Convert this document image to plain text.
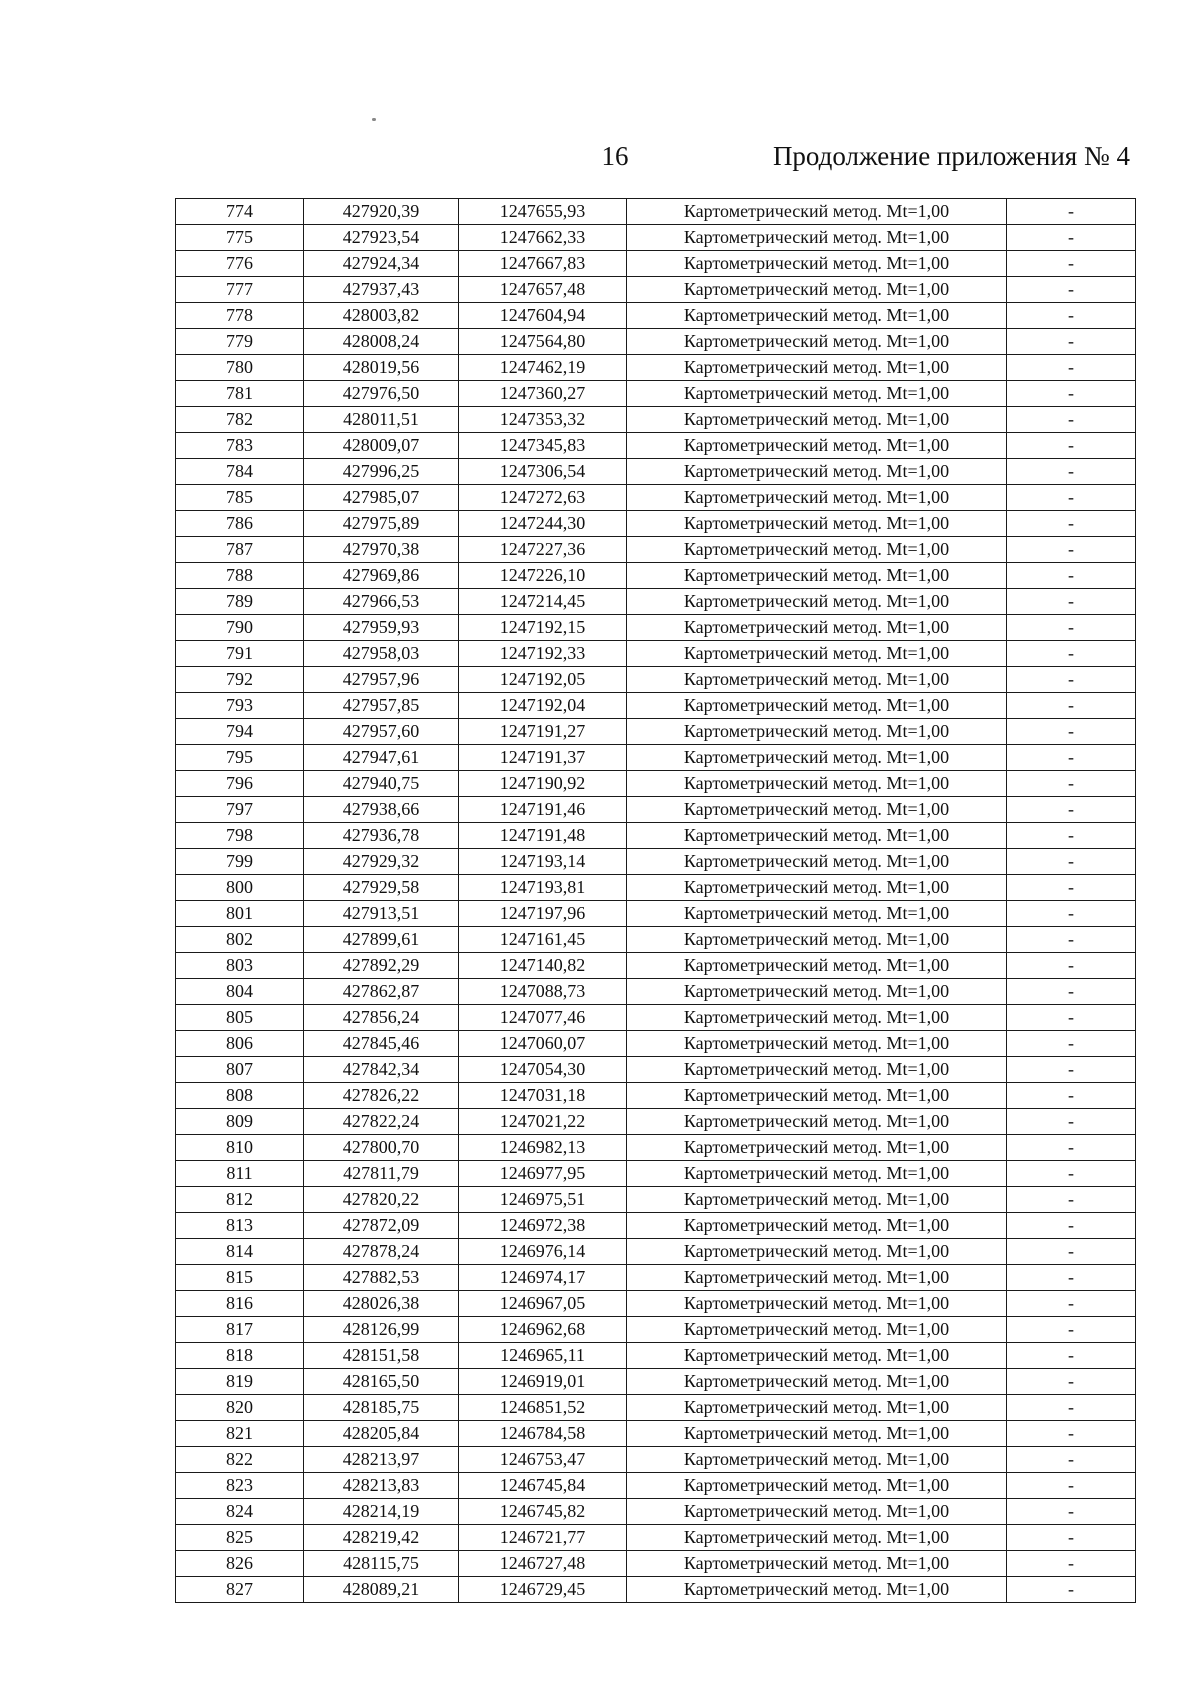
16	Продолжение приложения № 4
774	427920,39	1247655,93	Картометрический метод. Mt=1,00	-
775	427923,54	1247662,33	Картометрический метод. Mt=1,00	-
776	427924,34	1247667,83	Картометрический метод. Mt=1,00	-
777	427937,43	1247657,48	Картометрический метод. Mt=1,00	-
778	428003,82	1247604,94	Картометрический метод. Mt=1,00	-
779	428008,24	1247564,80	Картометрический метод. Mt=1,00	-
780	428019,56	1247462,19	Картометрический метод. Mt=1,00	-
781	427976,50	1247360,27	Картометрический метод. Mt=1,00	-
782	428011,51	1247353,32	Картометрический метод. Mt=1,00	-
783	428009,07	1247345,83	Картометрический метод. Mt=1,00	-
784	427996,25	1247306,54	Картометрический метод. Mt=1,00	-
785	427985,07	1247272,63	Картометрический метод. Mt=1,00	-
786	427975,89	1247244,30	Картометрический метод. Mt=1,00	-
787	427970,38	1247227,36	Картометрический метод. Mt=1,00	-
788	427969,86	1247226,10	Картометрический метод. Mt=1,00	-
789	427966,53	1247214,45	Картометрический метод. Mt=1,00	-
790	427959,93	1247192,15	Картометрический метод. Mt=1,00	-
791	427958,03	1247192,33	Картометрический метод. Mt=1,00	-
792	427957,96	1247192,05	Картометрический метод. Mt=1,00	-
793	427957,85	1247192,04	Картометрический метод. Mt=1,00	-
794	427957,60	1247191,27	Картометрический метод. Mt=1,00	-
795	427947,61	1247191,37	Картометрический метод. Mt=1,00	-
796	427940,75	1247190,92	Картометрический метод. Mt=1,00	-
797	427938,66	1247191,46	Картометрический метод. Mt=1,00	-
798	427936,78	1247191,48	Картометрический метод. Mt=1,00	-
799	427929,32	1247193,14	Картометрический метод. Mt=1,00	-
800	427929,58	1247193,81	Картометрический метод. Mt=1,00	-
801	427913,51	1247197,96	Картометрический метод. Mt=1,00	-
802	427899,61	1247161,45	Картометрический метод. Mt=1,00	-
803	427892,29	1247140,82	Картометрический метод. Mt=1,00	-
804	427862,87	1247088,73	Картометрический метод. Mt=1,00	-
805	427856,24	1247077,46	Картометрический метод. Mt=1,00	-
806	427845,46	1247060,07	Картометрический метод. Mt=1,00	-
807	427842,34	1247054,30	Картометрический метод. Mt=1,00	-
808	427826,22	1247031,18	Картометрический метод. Mt=1,00	-
809	427822,24	1247021,22	Картометрический метод. Mt=1,00	-
810	427800,70	1246982,13	Картометрический метод. Mt=1,00	-
811	427811,79	1246977,95	Картометрический метод. Mt=1,00	-
812	427820,22	1246975,51	Картометрический метод. Mt=1,00	-
813	427872,09	1246972,38	Картометрический метод. Mt=1,00	-
814	427878,24	1246976,14	Картометрический метод. Mt=1,00	-
815	427882,53	1246974,17	Картометрический метод. Mt=1,00	-
816	428026,38	1246967,05	Картометрический метод. Mt=1,00	-
817	428126,99	1246962,68	Картометрический метод. Mt=1,00	-
818	428151,58	1246965,11	Картометрический метод. Mt=1,00	-
819	428165,50	1246919,01	Картометрический метод. Mt=1,00	-
820	428185,75	1246851,52	Картометрический метод. Mt=1,00	-
821	428205,84	1246784,58	Картометрический метод. Mt=1,00	-
822	428213,97	1246753,47	Картометрический метод. Mt=1,00	-
823	428213,83	1246745,84	Картометрический метод. Mt=1,00	-
824	428214,19	1246745,82	Картометрический метод. Mt=1,00	-
825	428219,42	1246721,77	Картометрический метод. Mt=1,00	-
826	428115,75	1246727,48	Картометрический метод. Mt=1,00	-
827	428089,21	1246729,45	Картометрический метод. Mt=1,00	-
